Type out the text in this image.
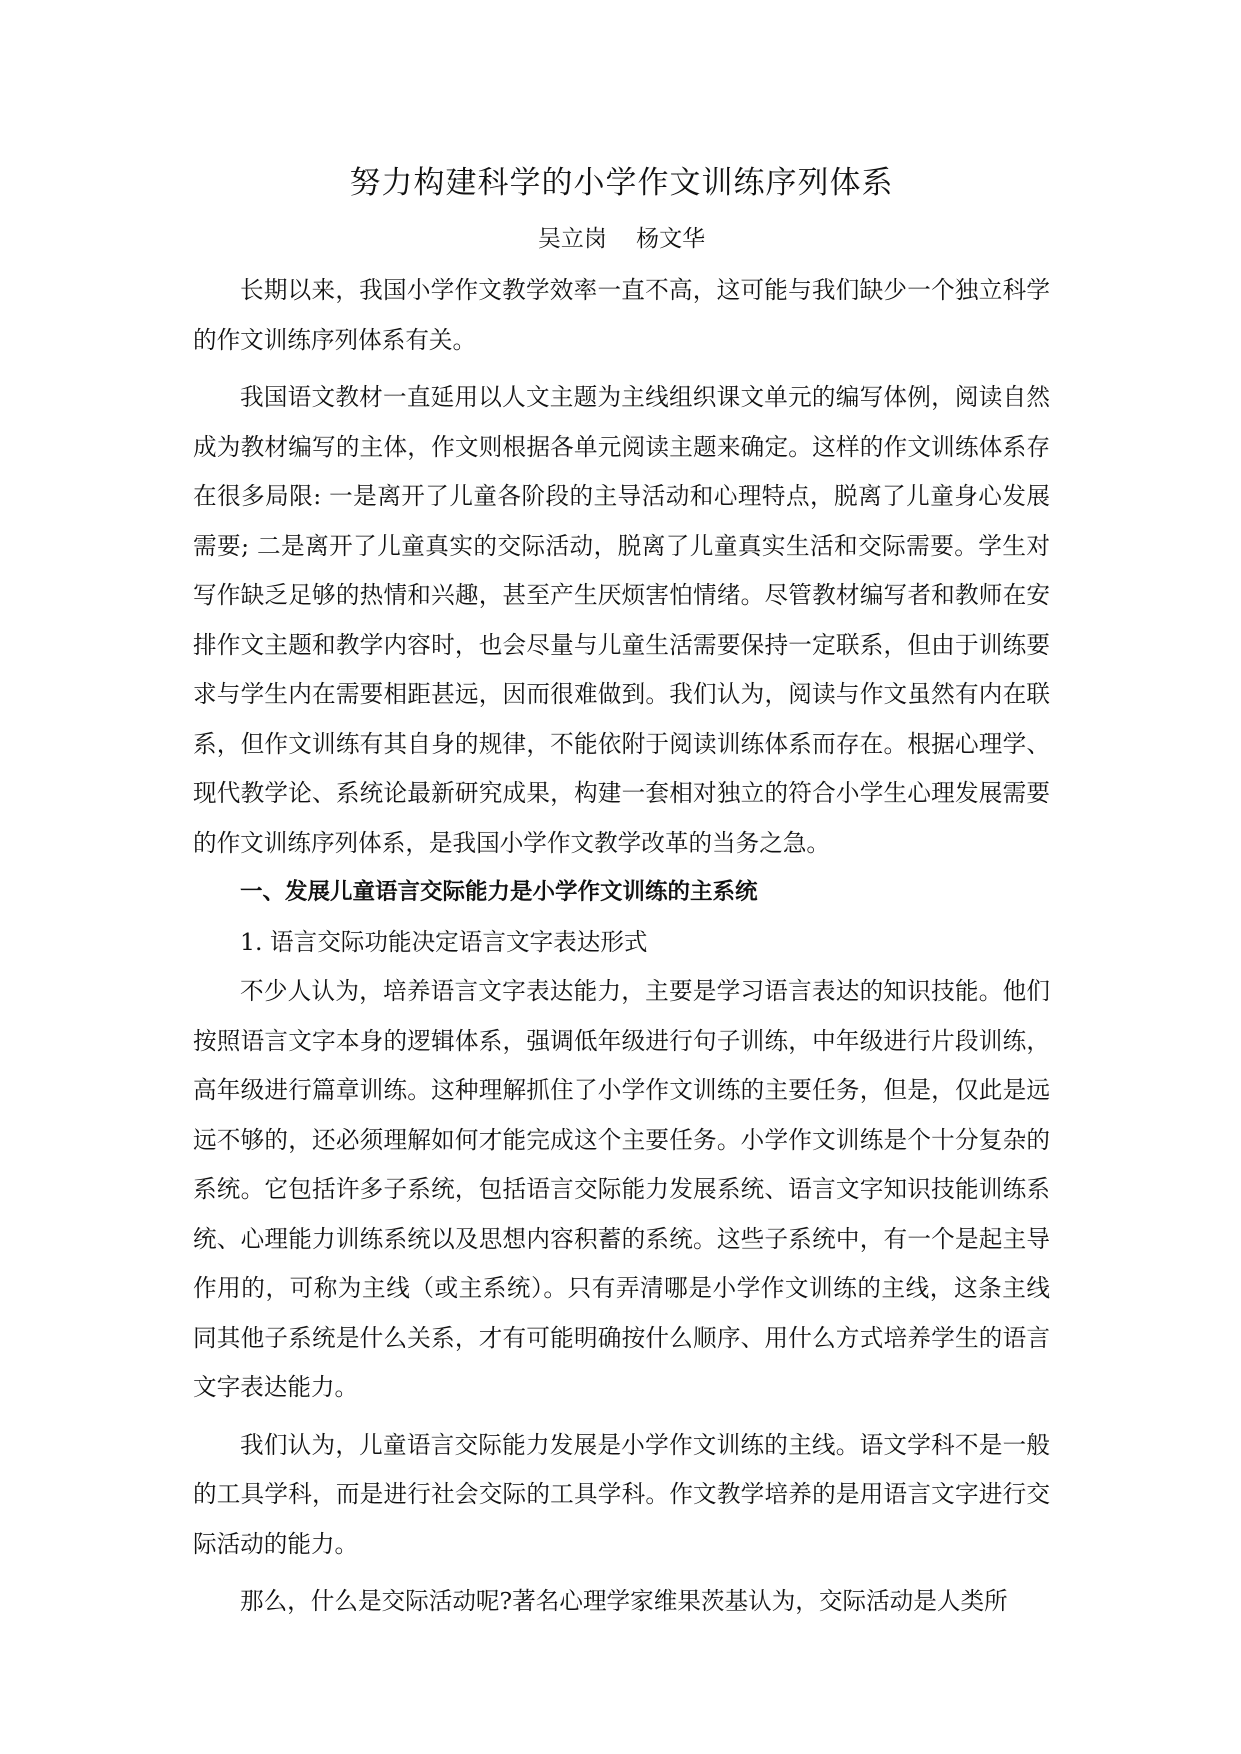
努力构建科学的小学作文训练序列体系
吴立岗    杨文华

长期以来，我国小学作文教学效率一直不高，这可能与我们缺少一个独立科学的作文训练序列体系有关。

我国语文教材一直延用以人文主题为主线组织课文单元的编写体例，阅读自然成为教材编写的主体，作文则根据各单元阅读主题来确定。这样的作文训练体系存在很多局限: 一是离开了儿童各阶段的主导活动和心理特点，脱离了儿童身心发展需要; 二是离开了儿童真实的交际活动，脱离了儿童真实生活和交际需要。学生对写作缺乏足够的热情和兴趣，甚至产生厌烦害怕情绪。尽管教材编写者和教师在安排作文主题和教学内容时，也会尽量与儿童生活需要保持一定联系，但由于训练要求与学生内在需要相距甚远，因而很难做到。我们认为，阅读与作文虽然有内在联系，但作文训练有其自身的规律，不能依附于阅读训练体系而存在。根据心理学、现代教学论、系统论最新研究成果，构建一套相对独立的符合小学生心理发展需要的作文训练序列体系，是我国小学作文教学改革的当务之急。

一、发展儿童语言交际能力是小学作文训练的主系统

1. 语言交际功能决定语言文字表达形式

不少人认为，培养语言文字表达能力，主要是学习语言表达的知识技能。他们按照语言文字本身的逻辑体系，强调低年级进行句子训练，中年级进行片段训练，高年级进行篇章训练。这种理解抓住了小学作文训练的主要任务，但是，仅此是远远不够的，还必须理解如何才能完成这个主要任务。小学作文训练是个十分复杂的系统。它包括许多子系统，包括语言交际能力发展系统、语言文字知识技能训练系统、心理能力训练系统以及思想内容积蓄的系统。这些子系统中，有一个是起主导作用的，可称为主线（或主系统）。只有弄清哪是小学作文训练的主线，这条主线同其他子系统是什么关系，才有可能明确按什么顺序、用什么方式培养学生的语言文字表达能力。

我们认为，儿童语言交际能力发展是小学作文训练的主线。语文学科不是一般的工具学科，而是进行社会交际的工具学科。作文教学培养的是用语言文字进行交际活动的能力。

那么，什么是交际活动呢?著名心理学家维果茨基认为，交际活动是人类所
